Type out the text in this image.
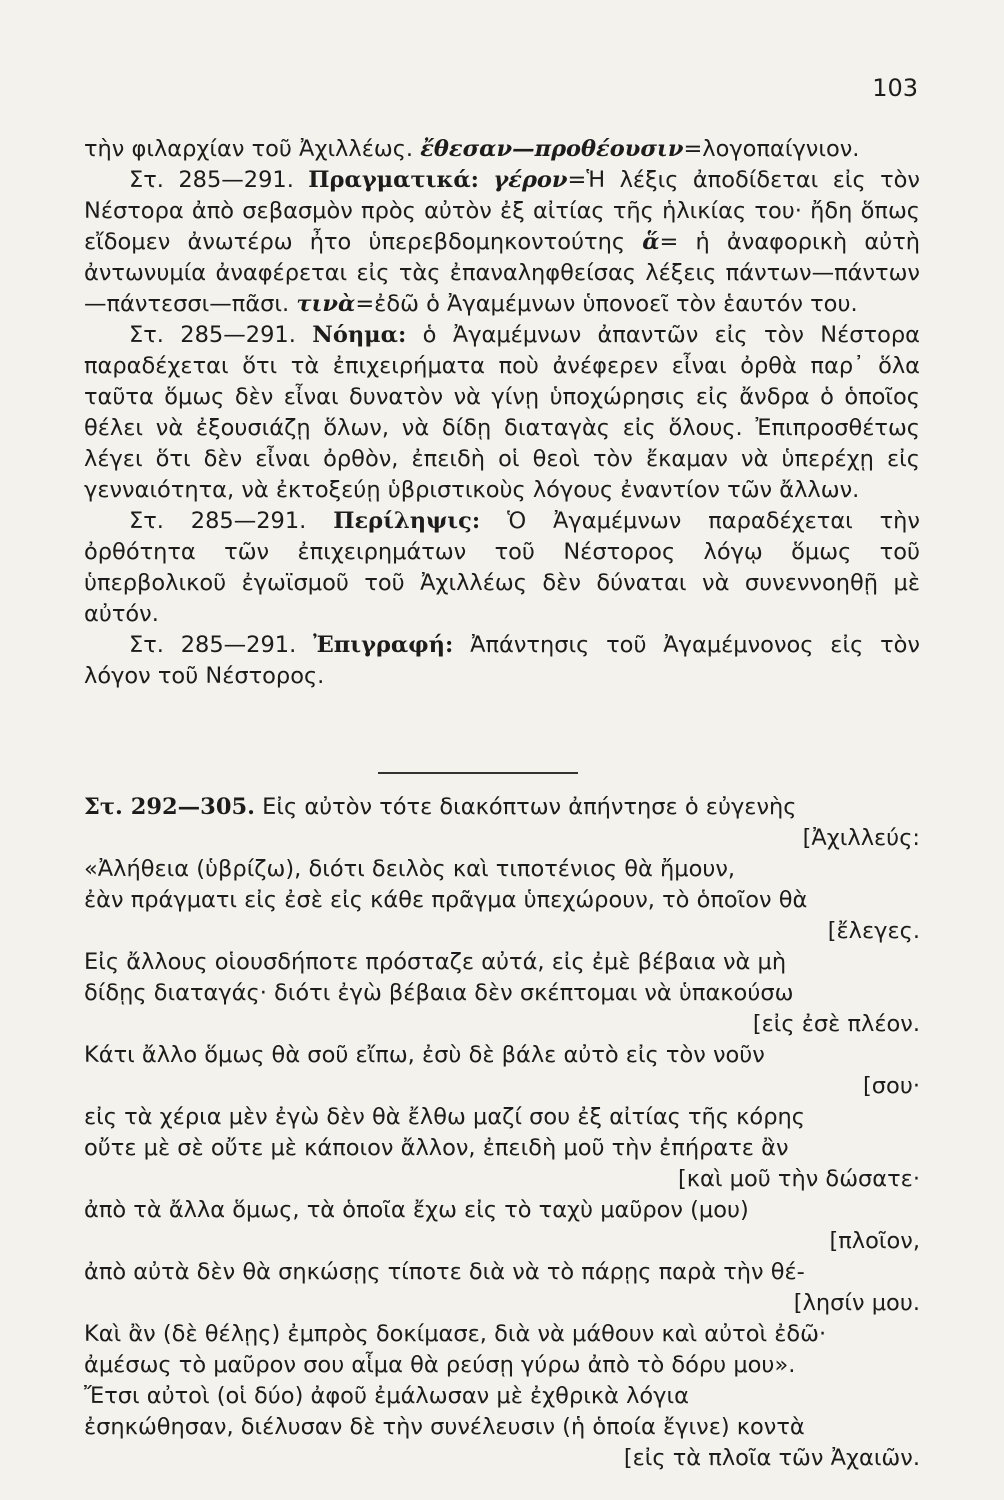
103

τὴν φιλαρχίαν τοῦ Ἀχιλλέως. ἔθεσαν—προθέουσιν=λογοπαίγνιον.

Στ. 285—291. Πραγματικά: γέρον=Ἡ λέξις ἀποδίδεται εἰς τὸν Νέστορα ἀπὸ σεβασμὸν πρὸς αὐτὸν ἐξ αἰτίας τῆς ἡλικίας του· ἤδη ὅπως εἴδομεν ἀνωτέρω ἦτο ὑπερεβδομηκοντούτης ἅ= ἡ ἀναφορικὴ αὐτὴ ἀντωνυμία ἀναφέρεται εἰς τὰς ἐπαναληφθείσας λέξεις πάντων—πάντων—πάντεσσι—πᾶσι. τινὰ=ἐδῶ ὁ Ἀγαμέμνων ὑπονοεῖ τὸν ἑαυτόν του.

Στ. 285—291. Νόημα: ὁ Ἀγαμέμνων ἀπαντῶν εἰς τὸν Νέστορα παραδέχεται ὅτι τὰ ἐπιχειρήματα ποὺ ἀνέφερεν εἶναι ὀρθὰ παρ᾽ ὅλα ταῦτα ὅμως δὲν εἶναι δυνατὸν νὰ γίνῃ ὑποχώρησις εἰς ἄνδρα ὁ ὁποῖος θέλει νὰ ἐξουσιάζῃ ὅλων, νὰ δίδῃ διαταγὰς εἰς ὅλους. Ἐπιπροσθέτως λέγει ὅτι δὲν εἶναι ὀρθὸν, ἐπειδὴ οἱ θεοὶ τὸν ἔκαμαν νὰ ὑπερέχῃ εἰς γενναιότητα, νὰ ἐκτοξεύῃ ὑβριστικοὺς λόγους ἐναντίον τῶν ἄλλων.

Στ. 285—291. Περίληψις: Ὁ Ἀγαμέμνων παραδέχεται τὴν ὀρθότητα τῶν ἐπιχειρημάτων τοῦ Νέστορος λόγῳ ὅμως τοῦ ὑπερβολικοῦ ἐγωϊσμοῦ τοῦ Ἀχιλλέως δὲν δύναται νὰ συνεννοηθῇ μὲ αὐτόν.

Στ. 285—291. Ἐπιγραφή: Ἀπάντησις τοῦ Ἀγαμέμνονος εἰς τὸν λόγον τοῦ Νέστορος.

Στ. 292—305. Εἰς αὐτὸν τότε διακόπτων ἀπήντησε ὁ εὐγενὴς
[Ἀχιλλεύς:
«Ἀλήθεια (ὑβρίζω), διότι δειλὸς καὶ τιποτένιος θὰ ἤμουν,
ἐὰν πράγματι εἰς ἐσὲ εἰς κάθε πρᾶγμα ὑπεχώρουν, τὸ ὁποῖον θὰ
[ἔλεγες.
Εἰς ἄλλους οἱουσδήποτε πρόσταζε αὐτά, εἰς ἐμὲ βέβαια νὰ μὴ
δίδῃς διαταγάς· διότι ἐγὼ βέβαια δὲν σκέπτομαι νὰ ὑπακούσω
[εἰς ἐσὲ πλέον.
Κάτι ἄλλο ὅμως θὰ σοῦ εἴπω, ἐσὺ δὲ βάλε αὐτὸ εἰς τὸν νοῦν
[σου·
εἰς τὰ χέρια μὲν ἐγὼ δὲν θὰ ἔλθω μαζί σου ἐξ αἰτίας τῆς κόρης
οὔτε μὲ σὲ οὔτε μὲ κάποιον ἄλλον, ἐπειδὴ μοῦ τὴν ἐπήρατε ἂν
[καὶ μοῦ τὴν δώσατε·
ἀπὸ τὰ ἄλλα ὅμως, τὰ ὁποῖα ἔχω εἰς τὸ ταχὺ μαῦρον (μου)
[πλοῖον,
ἀπὸ αὐτὰ δὲν θὰ σηκώσῃς τίποτε διὰ νὰ τὸ πάρῃς παρὰ τὴν θέ-
[λησίν μου.
Καὶ ἂν (δὲ θέλῃς) ἐμπρὸς δοκίμασε, διὰ νὰ μάθουν καὶ αὐτοὶ ἐδῶ·
ἀμέσως τὸ μαῦρον σου αἷμα θὰ ρεύσῃ γύρω ἀπὸ τὸ δόρυ μου».
Ἔτσι αὐτοὶ (οἱ δύο) ἀφοῦ ἐμάλωσαν μὲ ἐχθρικὰ λόγια
ἐσηκώθησαν, διέλυσαν δὲ τὴν συνέλευσιν (ἡ ὁποία ἔγινε) κοντὰ
[εἰς τὰ πλοῖα τῶν Ἀχαιῶν.
